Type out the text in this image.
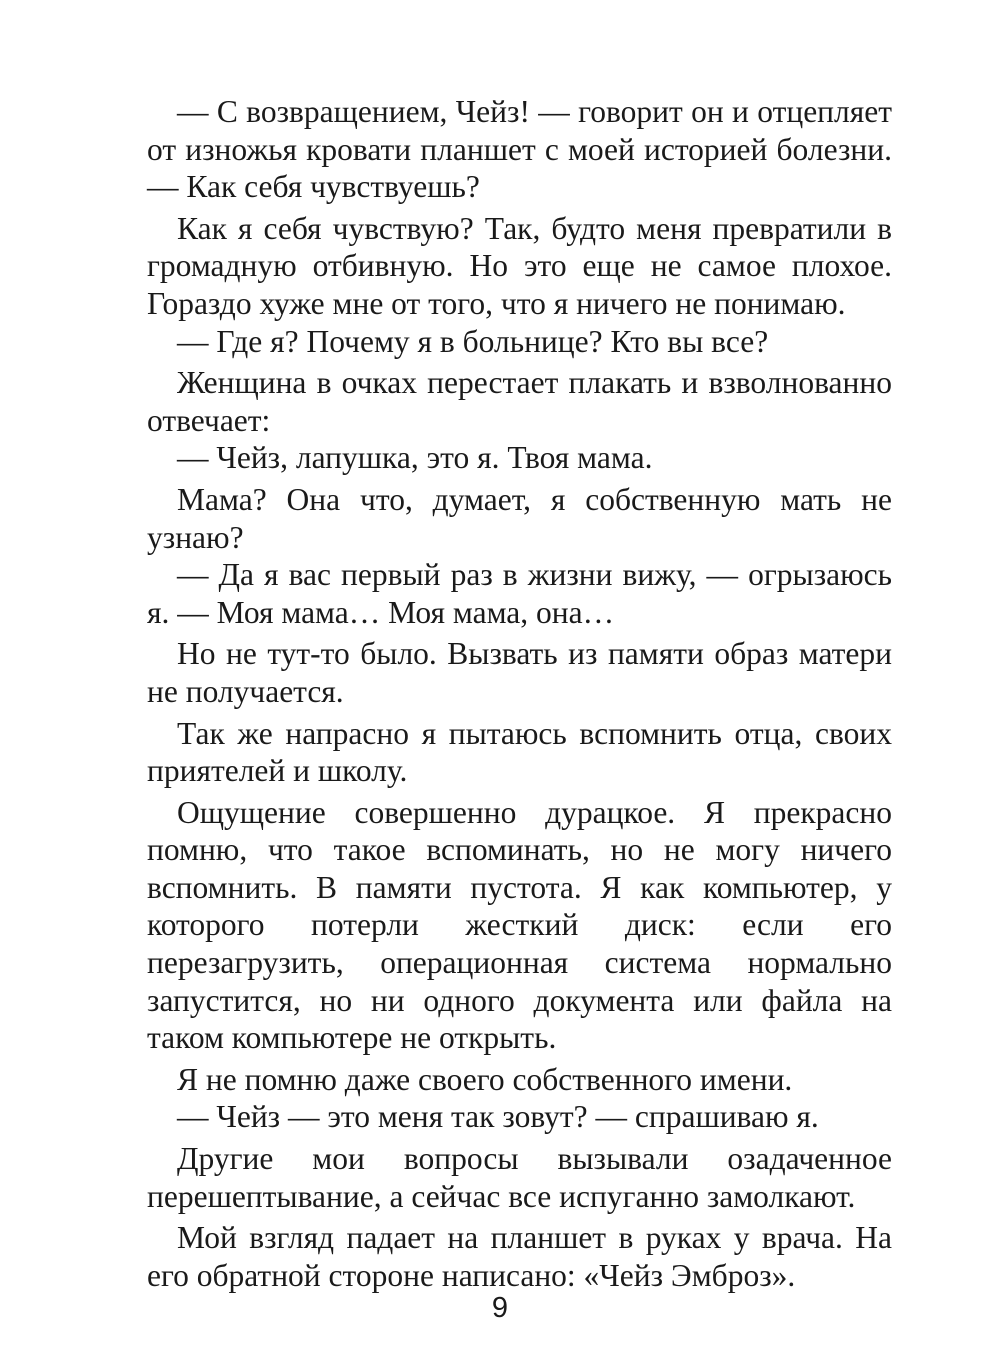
— С возвращением, Чейз! — говорит он и отцепляет от изножья кровати планшет с моей историей болезни. — Как себя чувствуешь?

Как я себя чувствую? Так, будто меня превратили в громадную отбивную. Но это еще не самое плохое. Гораздо хуже мне от того, что я ничего не понимаю.

— Где я? Почему я в больнице? Кто вы все?

Женщина в очках перестает плакать и взволнованно отвечает:

— Чейз, лапушка, это я. Твоя мама.

Мама? Она что, думает, я собственную мать не узнаю?

— Да я вас первый раз в жизни вижу, — огрызаюсь я. — Моя мама… Моя мама, она…

Но не тут-то было. Вызвать из памяти образ матери не получается.

Так же напрасно я пытаюсь вспомнить отца, своих приятелей и школу.

Ощущение совершенно дурацкое. Я прекрасно помню, что такое вспоминать, но не могу ничего вспомнить. В памяти пустота. Я как компьютер, у которого потерли жесткий диск: если его перезагрузить, операционная система нормально запустится, но ни одного документа или файла на таком компьютере не открыть.

Я не помню даже своего собственного имени.

— Чейз — это меня так зовут? — спрашиваю я.

Другие мои вопросы вызывали озадаченное перешептывание, а сейчас все испуганно замолкают.

Мой взгляд падает на планшет в руках у врача. На его обратной стороне написано: «Чейз Эмброз».

9
